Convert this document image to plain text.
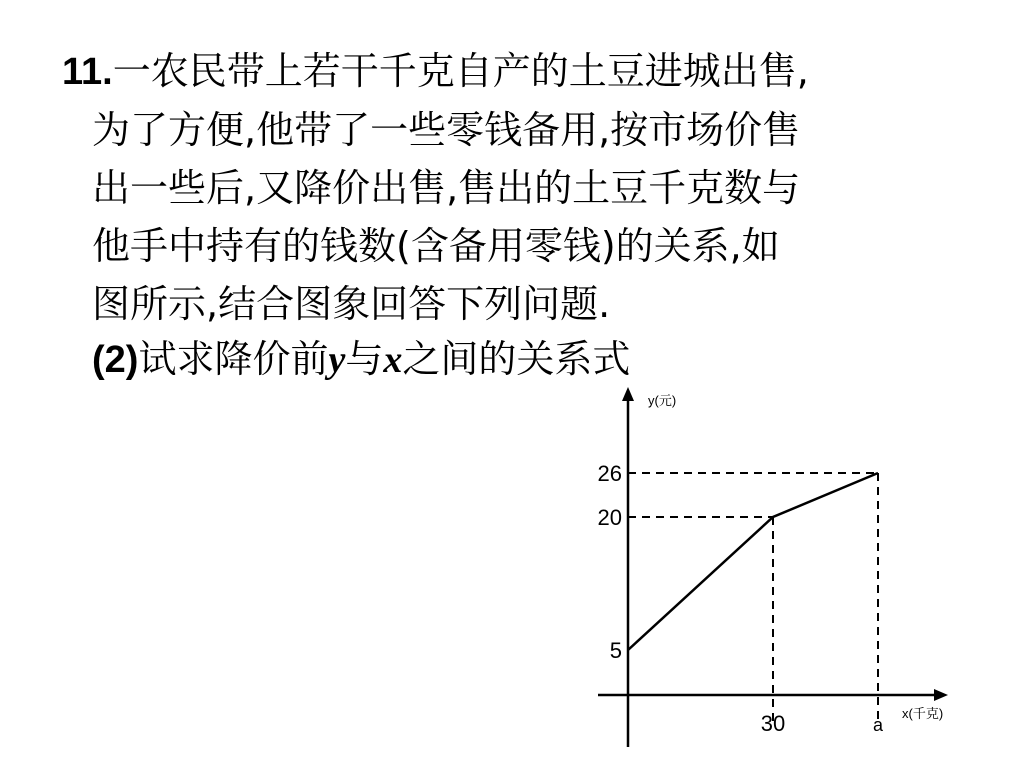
11.一农民带上若干千克自产的土豆进城出售,
为了方便,他带了一些零钱备用,按市场价售
出一些后,又降价出售,售出的土豆千克数与
他手中持有的钱数(含备用零钱)的关系,如
图所示,结合图象回答下列问题.
(2)试求降价前y与x之间的关系式
y(元)
x(千克)
5
20
26
30	a
